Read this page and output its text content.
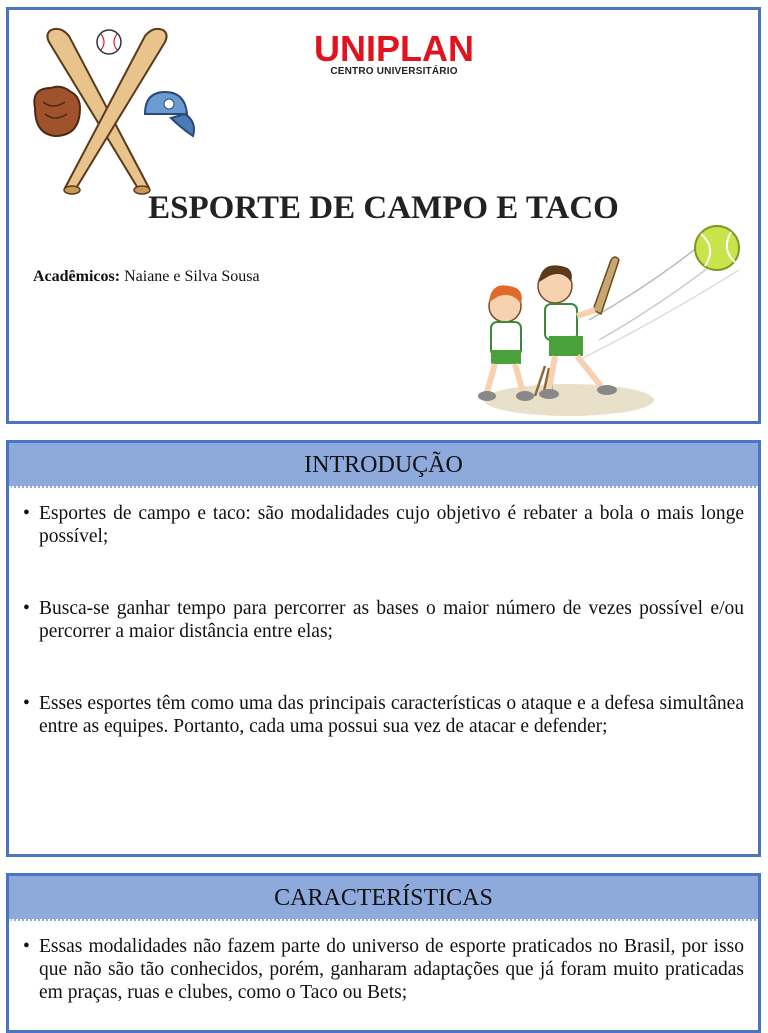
UNIPLAN
CENTRO UNIVERSITÁRIO
ESPORTE DE CAMPO E TACO
Acadêmicos: Naiane e Silva Sousa
INTRODUÇÃO
• Esportes de campo e taco: são modalidades cujo objetivo é rebater a bola o mais longe possível;
• Busca-se ganhar tempo para percorrer as bases o maior número de vezes possível e/ou percorrer a maior distância entre elas;
• Esses esportes têm como uma das principais características o ataque e a defesa simultânea entre as equipes. Portanto, cada uma possui sua vez de atacar e defender;
CARACTERÍSTICAS
• Essas modalidades não fazem parte do universo de esporte praticados no Brasil, por isso que não são tão conhecidos, porém, ganharam adaptações que já foram muito praticadas em praças, ruas e clubes, como o Taco ou Bets;
